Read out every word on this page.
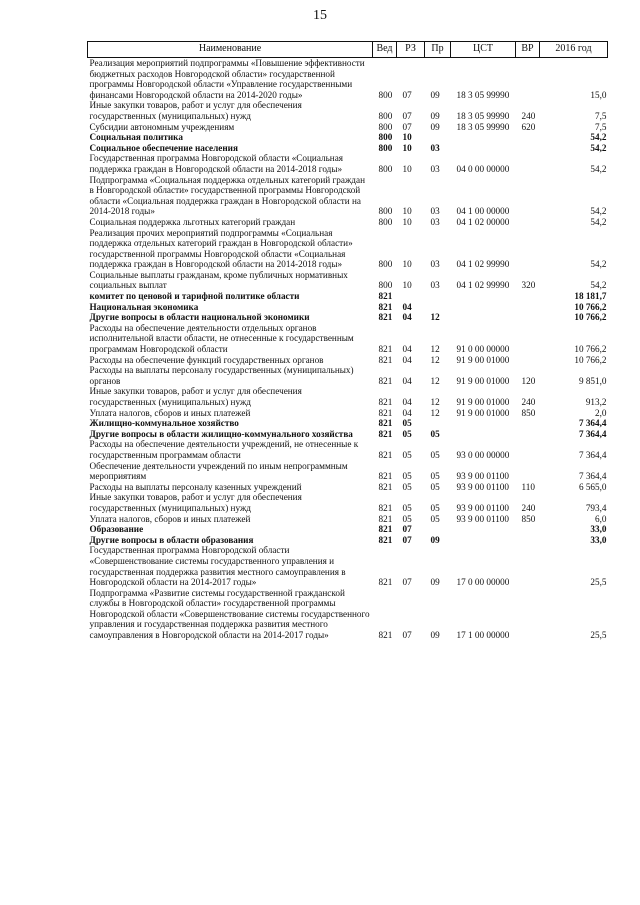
15
Наименование	Вед	РЗ	Пр	ЦСТ	ВР	2016 год
Реализация мероприятий подпрограммы «Повышение эффективности бюджетных расходов Новгородской области» государственной программы Новгородской области «Управление государственными финансами Новгородской области на 2014-2020 годы»	800	07	09	18 3 05 99990		15,0
Иные закупки товаров, работ и услуг для обеспечения государственных (муниципальных) нужд	800	07	09	18 3 05 99990	240	7,5
Субсидии автономным учреждениям	800	07	09	18 3 05 99990	620	7,5
Социальная политика	800	10				54,2
Социальное обеспечение населения	800	10	03			54,2
Государственная программа Новгородской области «Социальная поддержка граждан в Новгородской области на 2014-2018 годы»	800	10	03	04 0 00 00000		54,2
Подпрограмма «Социальная поддержка отдельных категорий граждан в Новгородской области» государственной программы Новгородской области «Социальная поддержка граждан в Новгородской области на 2014-2018 годы»	800	10	03	04 1 00 00000		54,2
Социальная поддержка льготных категорий граждан	800	10	03	04 1 02 00000		54,2
Реализация прочих мероприятий подпрограммы «Социальная поддержка отдельных категорий граждан в Новгородской области» государственной программы Новгородской области «Социальная поддержка граждан в Новгородской области на 2014-2018 годы»	800	10	03	04 1 02 99990		54,2
Социальные выплаты гражданам, кроме публичных нормативных социальных выплат	800	10	03	04 1 02 99990	320	54,2
комитет по ценовой и тарифной политике области	821					18 181,7
Национальная экономика	821	04				10 766,2
Другие вопросы в области национальной экономики	821	04	12			10 766,2
Расходы на обеспечение деятельности отдельных органов исполнительной власти области, не отнесенные к государственным программам Новгородской области	821	04	12	91 0 00 00000		10 766,2
Расходы на обеспечение функций государственных органов	821	04	12	91 9 00 01000		10 766,2
Расходы на выплаты персоналу государственных (муниципальных) органов	821	04	12	91 9 00 01000	120	9 851,0
Иные закупки товаров, работ и услуг для обеспечения государственных (муниципальных) нужд	821	04	12	91 9 00 01000	240	913,2
Уплата налогов, сборов и иных платежей	821	04	12	91 9 00 01000	850	2,0
Жилищно-коммунальное хозяйство	821	05				7 364,4
Другие вопросы в области жилищно-коммунального хозяйства	821	05	05			7 364,4
Расходы на обеспечение деятельности учреждений, не отнесенные к государственным программам области	821	05	05	93 0 00 00000		7 364,4
Обеспечение деятельности учреждений по иным непрограммным мероприятиям	821	05	05	93 9 00 01100		7 364,4
Расходы на выплаты персоналу казенных учреждений	821	05	05	93 9 00 01100	110	6 565,0
Иные закупки товаров, работ и услуг для обеспечения государственных (муниципальных) нужд	821	05	05	93 9 00 01100	240	793,4
Уплата налогов, сборов и иных платежей	821	05	05	93 9 00 01100	850	6,0
Образование	821	07				33,0
Другие вопросы в области образования	821	07	09			33,0
Государственная программа Новгородской области «Совершенствование системы государственного управления и государственная поддержка развития местного самоуправления в Новгородской области на 2014-2017 годы»	821	07	09	17 0 00 00000		25,5
Подпрограмма «Развитие системы государственной гражданской службы в Новгородской области» государственной программы Новгородской области «Совершенствование системы государственного управления и государственная поддержка развития местного самоуправления в Новгородской области на 2014-2017 годы»	821	07	09	17 1 00 00000		25,5
